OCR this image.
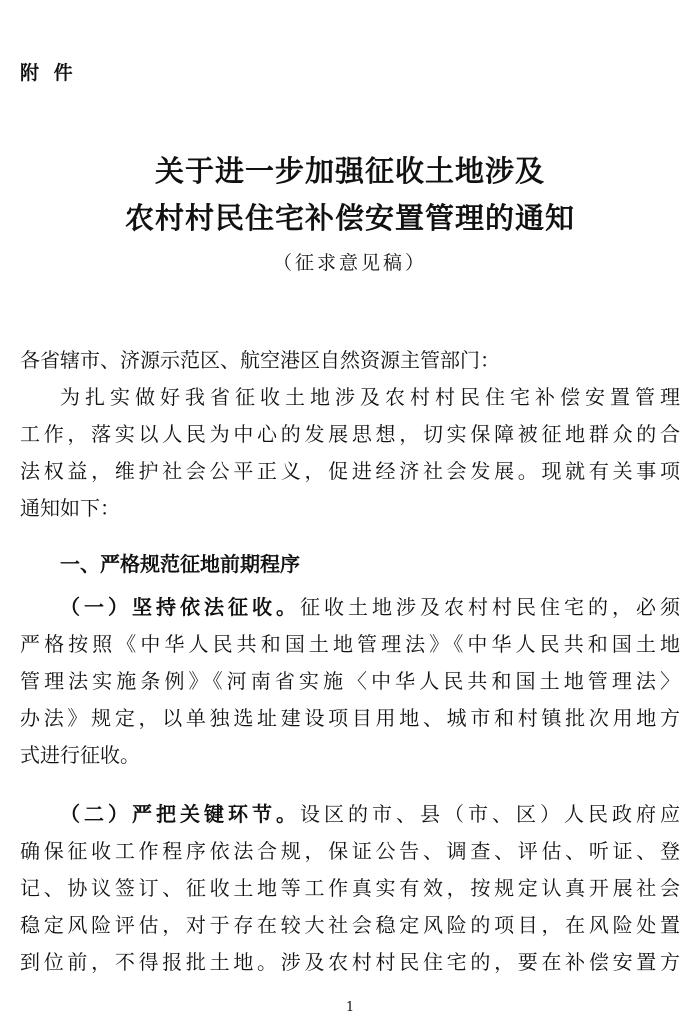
附 件
关于进一步加强征收土地涉及
农村村民住宅补偿安置管理的通知
（征求意见稿）
各省辖市、济源示范区、航空港区自然资源主管部门：
为扎实做好我省征收土地涉及农村村民住宅补偿安置管理
工作，落实以人民为中心的发展思想，切实保障被征地群众的合
法权益，维护社会公平正义，促进经济社会发展。现就有关事项
通知如下：
一、严格规范征地前期程序
（一）坚持依法征收。征收土地涉及农村村民住宅的，必须
严格按照《中华人民共和国土地管理法》《中华人民共和国土地
管理法实施条例》《河南省实施〈中华人民共和国土地管理法〉
办法》规定，以单独选址建设项目用地、城市和村镇批次用地方
式进行征收。
（二）严把关键环节。设区的市、县（市、区）人民政府应
确保征收工作程序依法合规，保证公告、调查、评估、听证、登
记、协议签订、征收土地等工作真实有效，按规定认真开展社会
稳定风险评估，对于存在较大社会稳定风险的项目，在风险处置
到位前，不得报批土地。涉及农村村民住宅的，要在补偿安置方
1
